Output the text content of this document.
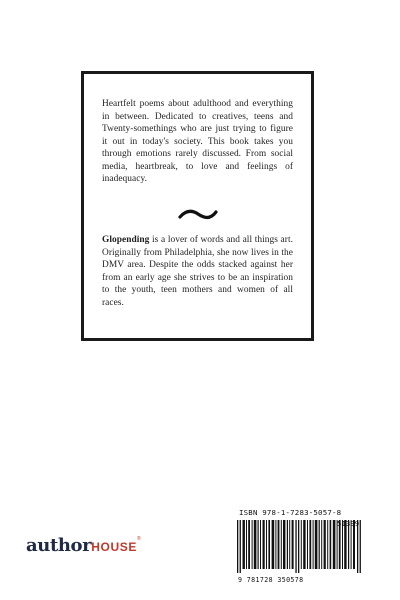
Heartfelt poems about adulthood and everything in between. Dedicated to creatives, teens and Twenty-somethings who are just trying to figure it out in today's society. This book takes you through emotions rarely discussed. From social media, heartbreak, to love and feelings of inadequacy.

Glopending is a lover of words and all things art. Originally from Philadelphia, she now lives in the DMV area. Despite the odds stacked against her from an early age she strives to be an inspiration to the youth, teen mothers and women of all races.

ISBN 978-1-7283-5057-8
51399
9 781728 350578
authorHOUSE®
